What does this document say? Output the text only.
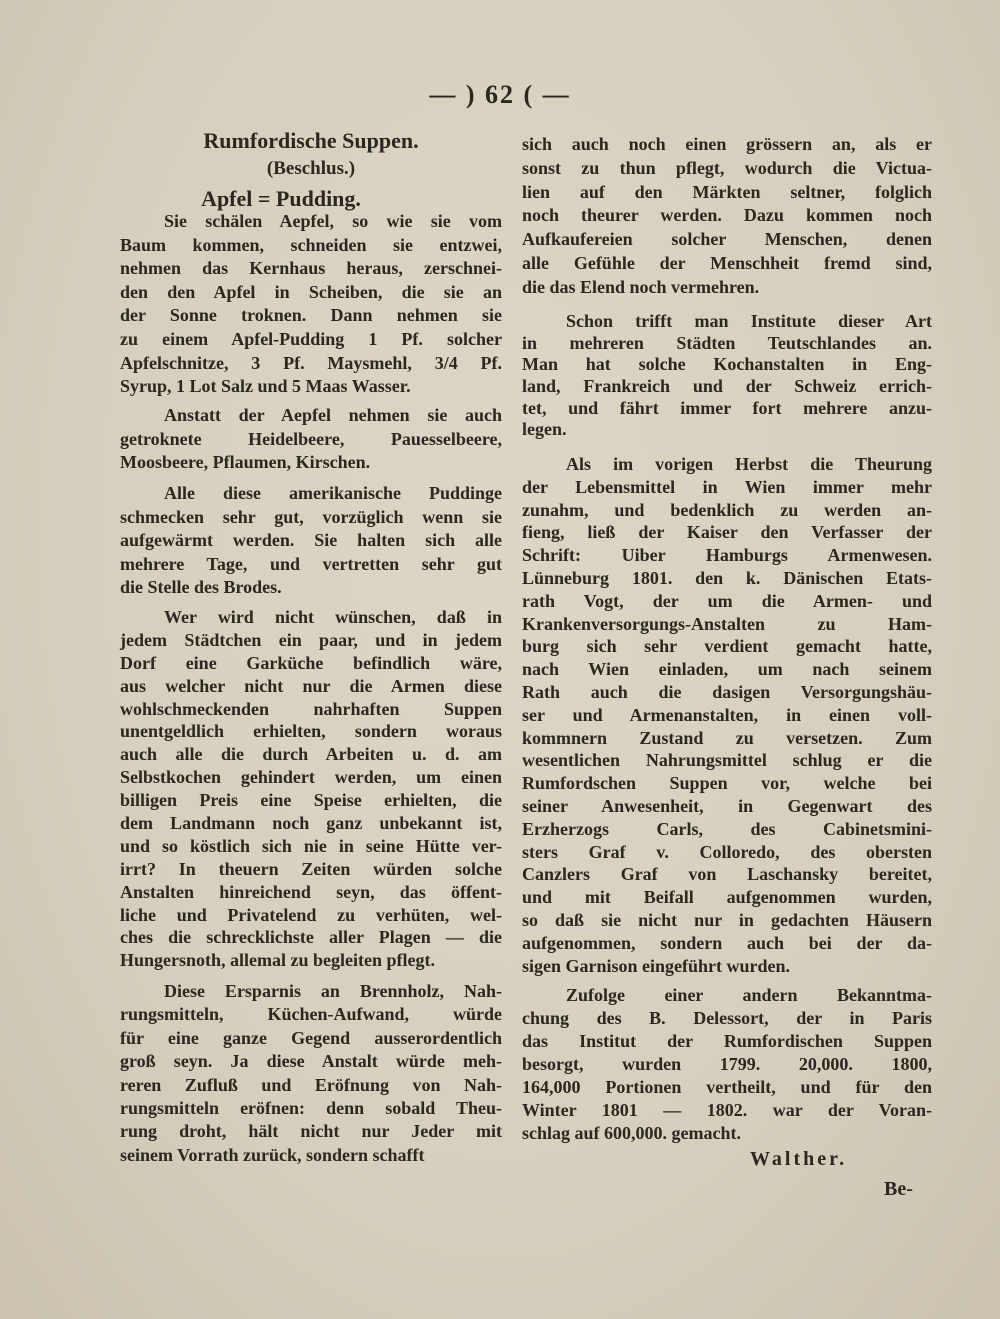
— ) 62 ( —
Rumfordische Suppen.
(Beschlus.)
Apfel = Pudding.
Sie schälen Aepfel, so wie sie vom
Baum kommen, schneiden sie entzwei,
nehmen das Kernhaus heraus, zerschnei-
den den Apfel in Scheiben, die sie an
der Sonne troknen. Dann nehmen sie
zu einem Apfel-Pudding 1 Pf. solcher
Apfelschnitze, 3 Pf. Maysmehl, 3/4 Pf.
Syrup, 1 Lot Salz und 5 Maas Wasser.
Anstatt der Aepfel nehmen sie auch
getroknete Heidelbeere, Pauesselbeere,
Moosbeere, Pflaumen, Kirschen.
Alle diese amerikanische Puddinge
schmecken sehr gut, vorzüglich wenn sie
aufgewärmt werden. Sie halten sich alle
mehrere Tage, und vertretten sehr gut
die Stelle des Brodes.
Wer wird nicht wünschen, daß in
jedem Städtchen ein paar, und in jedem
Dorf eine Garküche befindlich wäre,
aus welcher nicht nur die Armen diese
wohlschmeckenden nahrhaften Suppen
unentgeldlich erhielten, sondern woraus
auch alle die durch Arbeiten u. d. am
Selbstkochen gehindert werden, um einen
billigen Preis eine Speise erhielten, die
dem Landmann noch ganz unbekannt ist,
und so köstlich sich nie in seine Hütte ver-
irrt? In theuern Zeiten würden solche
Anstalten hinreichend seyn, das öffent-
liche und Privatelend zu verhüten, wel-
ches die schrecklichste aller Plagen — die
Hungersnoth, allemal zu begleiten pflegt.
Diese Ersparnis an Brennholz, Nah-
rungsmitteln, Küchen-Aufwand, würde
für eine ganze Gegend ausserordentlich
groß seyn. Ja diese Anstalt würde meh-
reren Zufluß und Eröfnung von Nah-
rungsmitteln eröfnen: denn sobald Theu-
rung droht, hält nicht nur Jeder mit
seinem Vorrath zurück, sondern schafft
sich auch noch einen grössern an, als er
sonst zu thun pflegt, wodurch die Victua-
lien auf den Märkten seltner, folglich
noch theurer werden. Dazu kommen noch
Aufkaufereien solcher Menschen, denen
alle Gefühle der Menschheit fremd sind,
die das Elend noch vermehren.
Schon trifft man Institute dieser Art
in mehreren Städten Teutschlandes an.
Man hat solche Kochanstalten in Eng-
land, Frankreich und der Schweiz errich-
tet, und fährt immer fort mehrere anzu-
legen.
Als im vorigen Herbst die Theurung
der Lebensmittel in Wien immer mehr
zunahm, und bedenklich zu werden an-
fieng, ließ der Kaiser den Verfasser der
Schrift: Uiber Hamburgs Armenwesen.
Lünneburg 1801. den k. Dänischen Etats-
rath Vogt, der um die Armen- und
Krankenversorgungs-Anstalten zu Ham-
burg sich sehr verdient gemacht hatte,
nach Wien einladen, um nach seinem
Rath auch die dasigen Versorgungshäu-
ser und Armenanstalten, in einen voll-
kommnern Zustand zu versetzen. Zum
wesentlichen Nahrungsmittel schlug er die
Rumfordschen Suppen vor, welche bei
seiner Anwesenheit, in Gegenwart des
Erzherzogs Carls, des Cabinetsmini-
sters Graf v. Colloredo, des obersten
Canzlers Graf von Laschansky bereitet,
und mit Beifall aufgenommen wurden,
so daß sie nicht nur in gedachten Häusern
aufgenommen, sondern auch bei der da-
sigen Garnison eingeführt wurden.
Zufolge einer andern Bekanntma-
chung des B. Delessort, der in Paris
das Institut der Rumfordischen Suppen
besorgt, wurden 1799. 20,000. 1800,
164,000 Portionen vertheilt, und für den
Winter 1801 — 1802. war der Voran-
schlag auf 600,000. gemacht.
Walther.
Be-
